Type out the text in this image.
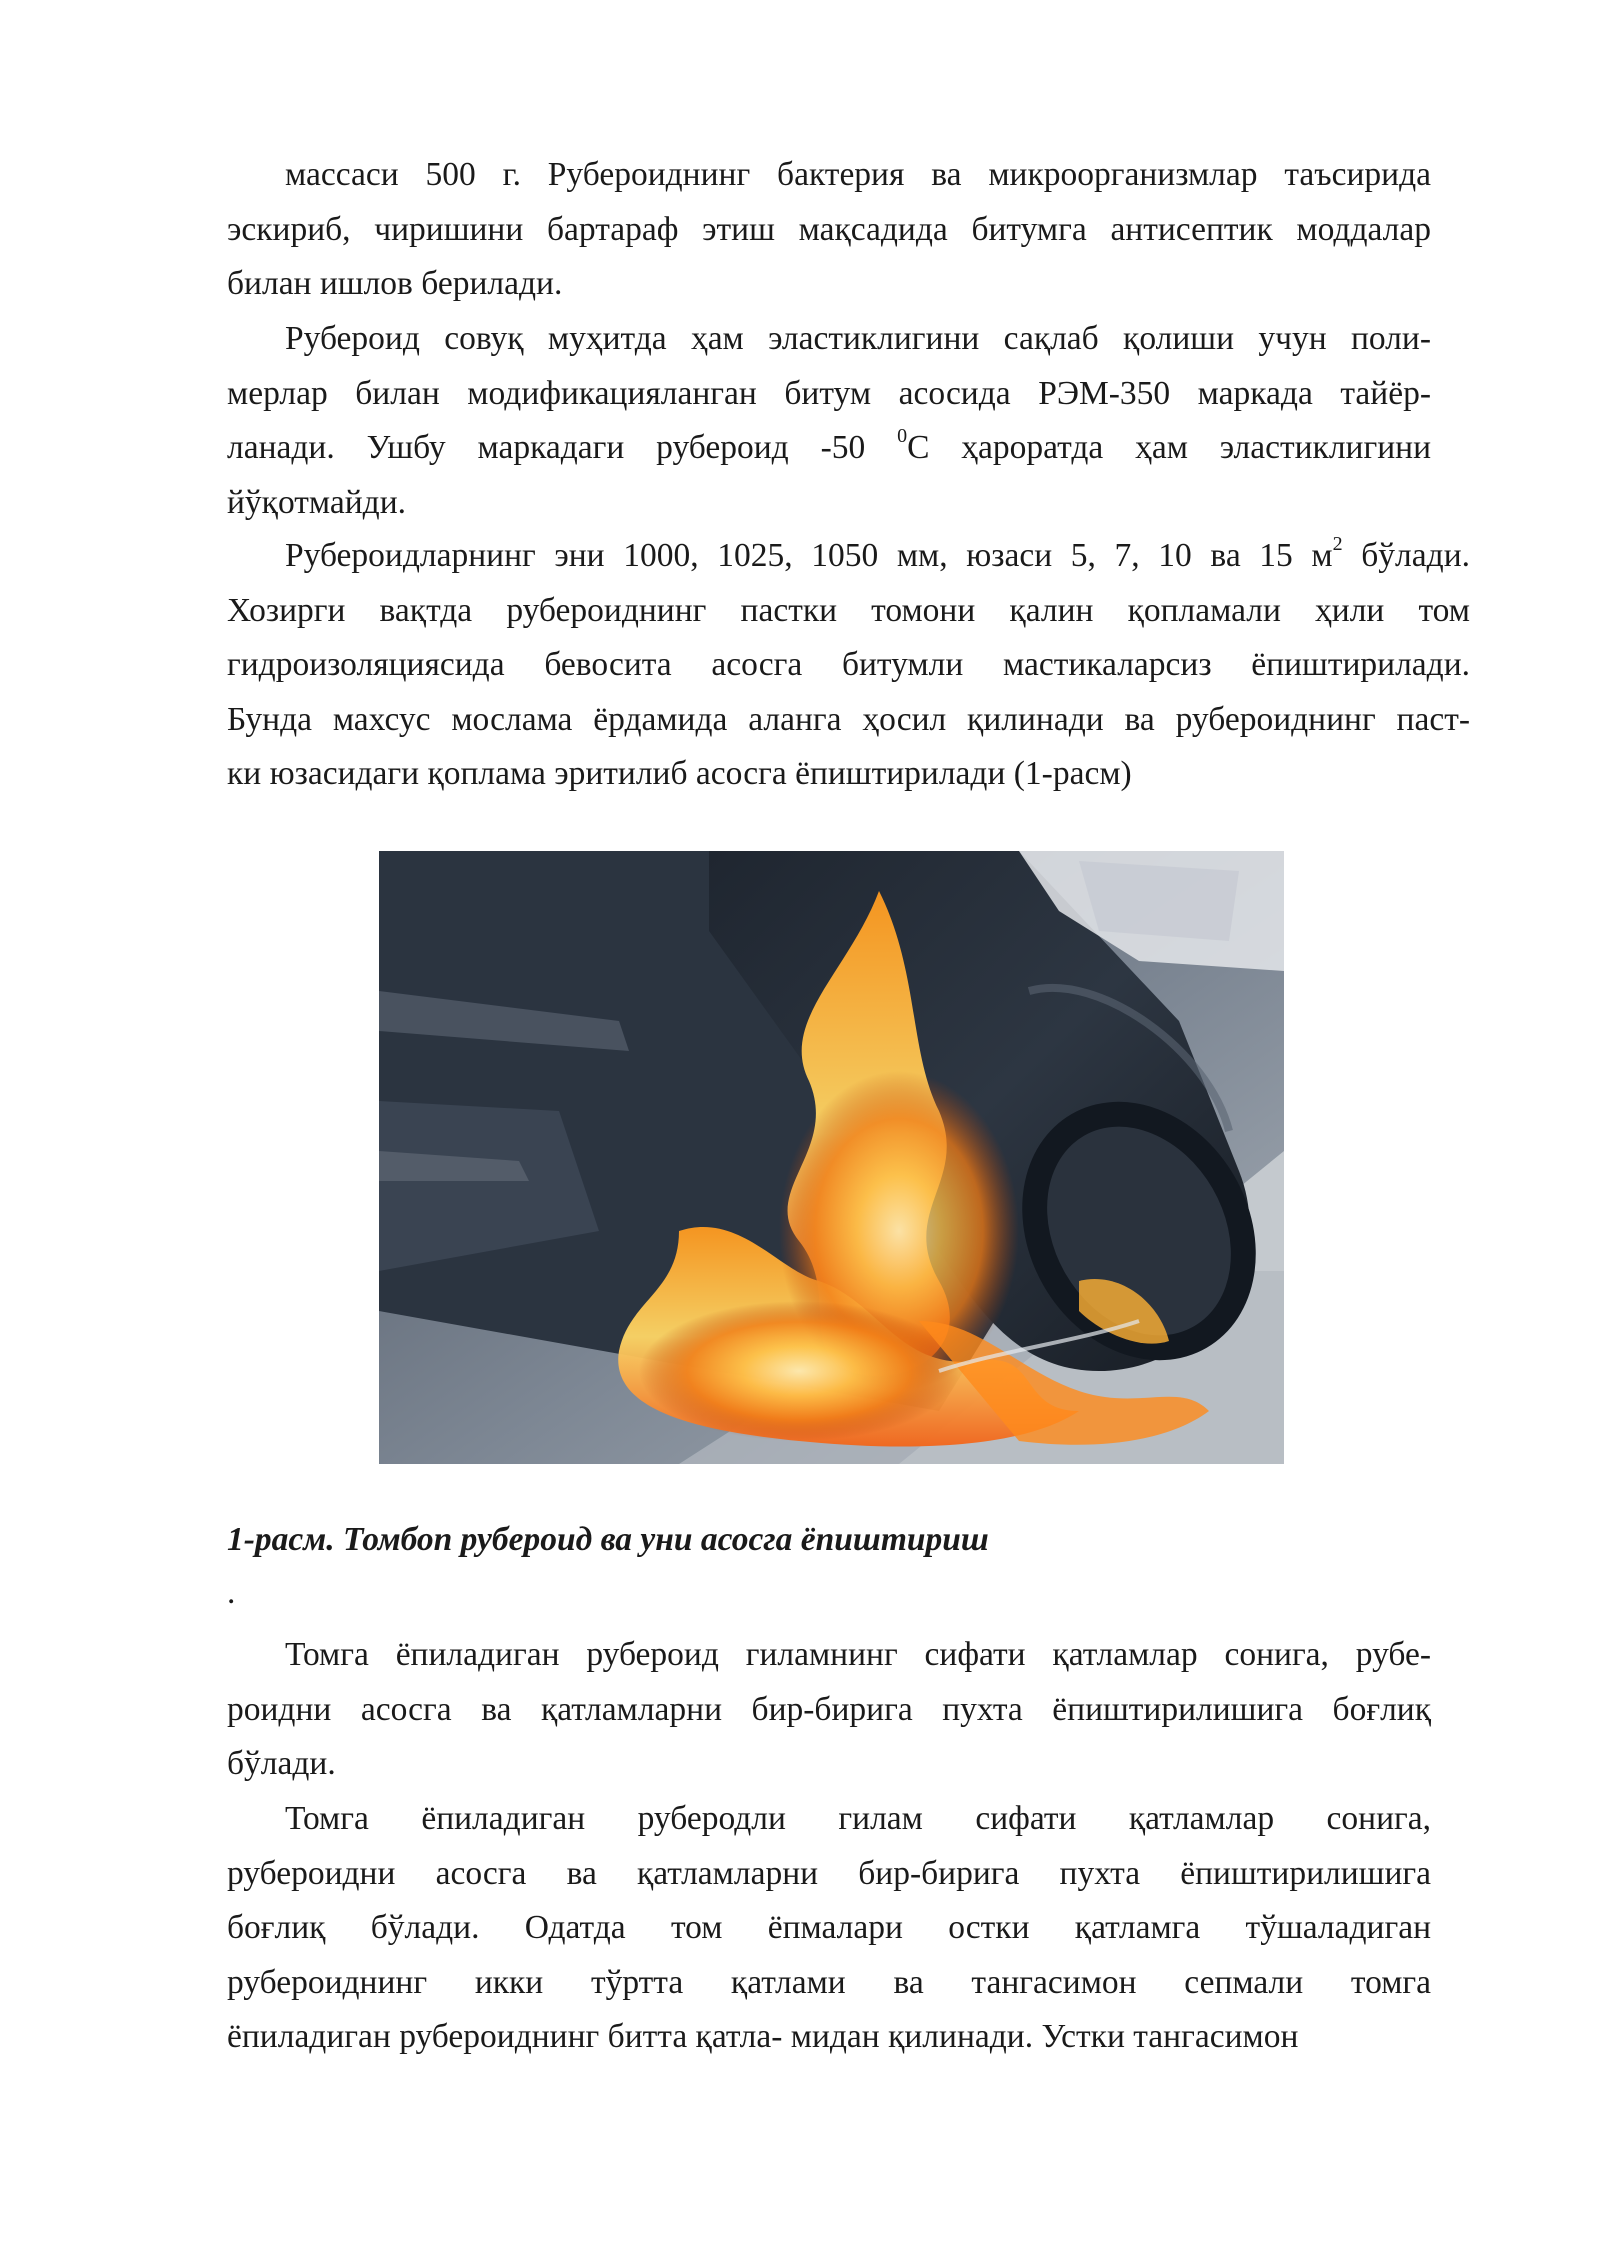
массаси 500 г. Рубероиднинг бактерия ва микроорганизмлар таъсирида
эскириб, чиришини бартараф этиш мақсадида битумга антисептик моддалар
билан ишлов берилади.
Рубероид совуқ муҳитда ҳам эластиклигини сақлаб қолиши учун поли-
мерлар билан модификацияланган битум асосида РЭМ-350 маркада тайёр-
ланади. Ушбу маркадаги рубероид -50 $^0$С ҳароратда ҳам эластиклигини
йўқотмайди.
Рубероидларнинг эни 1000, 1025, 1050 мм, юзаси 5, 7, 10 ва 15 $м^2$ бўлади.
Хозирги вақтда рубероиднинг пастки томони қалин қопламали ҳили том
гидроизоляциясида бевосита асосга битумли мастикаларсиз ёпиштирилади.
Бунда махсус мослама ёрдамида аланга ҳосил қилинади ва рубероиднинг паст-
ки юзасидаги қоплама эритилиб асосга ёпиштирилади (1-расм)

1-расм. Томбоп рубероид ва уни асосга ёпиштириш

.

Томга ёпиладиган рубероид гиламнинг сифати қатламлар сонига, рубе-
роидни асосга ва қатламларни бир-бирига пухта ёпиштирилишига боғлиқ
бўлади.
Томга ёпиладиган руберодли гилам сифати қатламлар сонига,
рубероидни асосга ва қатламларни бир-бирига пухта ёпиштирилишига
боғлиқ бўлади. Одатда том ёпмалари остки қатламга тўшаладиган
рубероиднинг икки тўртта қатлами ва тангасимон сепмали томга
ёпиладиган рубероиднинг битта қатла- мидан қилинади. Устки тангасимон
